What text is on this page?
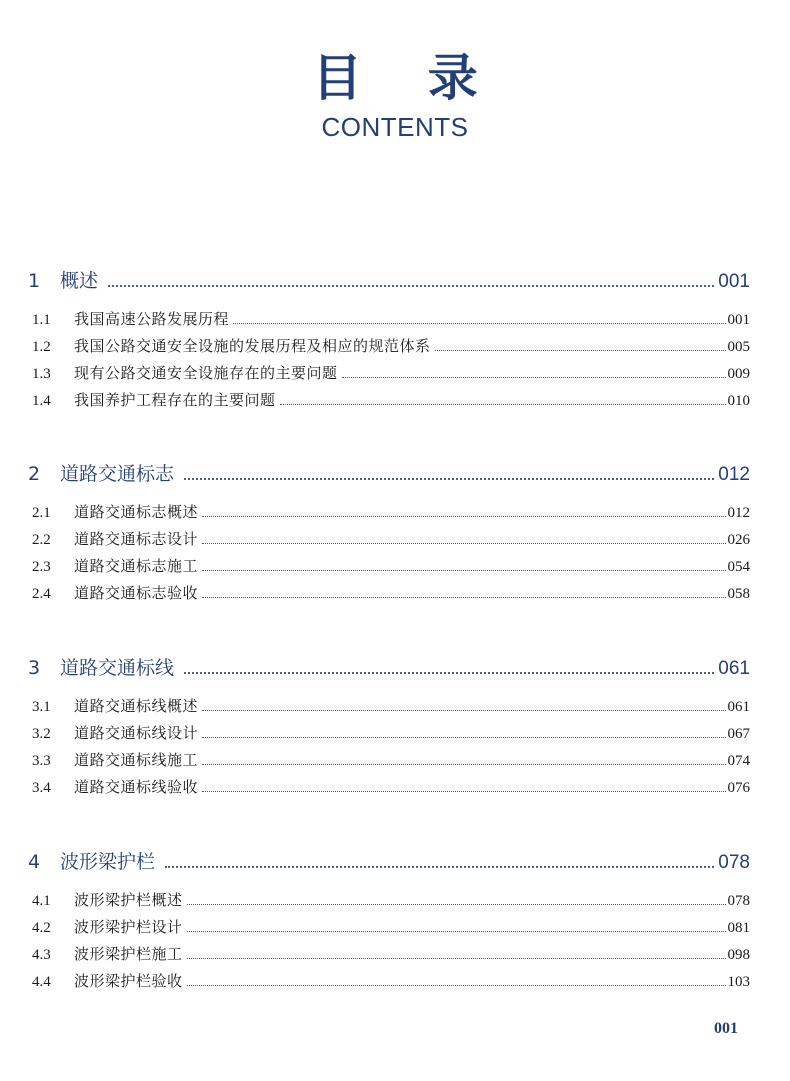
目 录
CONTENTS
1	概述	001
1.1	我国高速公路发展历程	001
1.2	我国公路交通安全设施的发展历程及相应的规范体系	005
1.3	现有公路交通安全设施存在的主要问题	009
1.4	我国养护工程存在的主要问题	010
2	道路交通标志	012
2.1	道路交通标志概述	012
2.2	道路交通标志设计	026
2.3	道路交通标志施工	054
2.4	道路交通标志验收	058
3	道路交通标线	061
3.1	道路交通标线概述	061
3.2	道路交通标线设计	067
3.3	道路交通标线施工	074
3.4	道路交通标线验收	076
4	波形梁护栏	078
4.1	波形梁护栏概述	078
4.2	波形梁护栏设计	081
4.3	波形梁护栏施工	098
4.4	波形梁护栏验收	103
001
